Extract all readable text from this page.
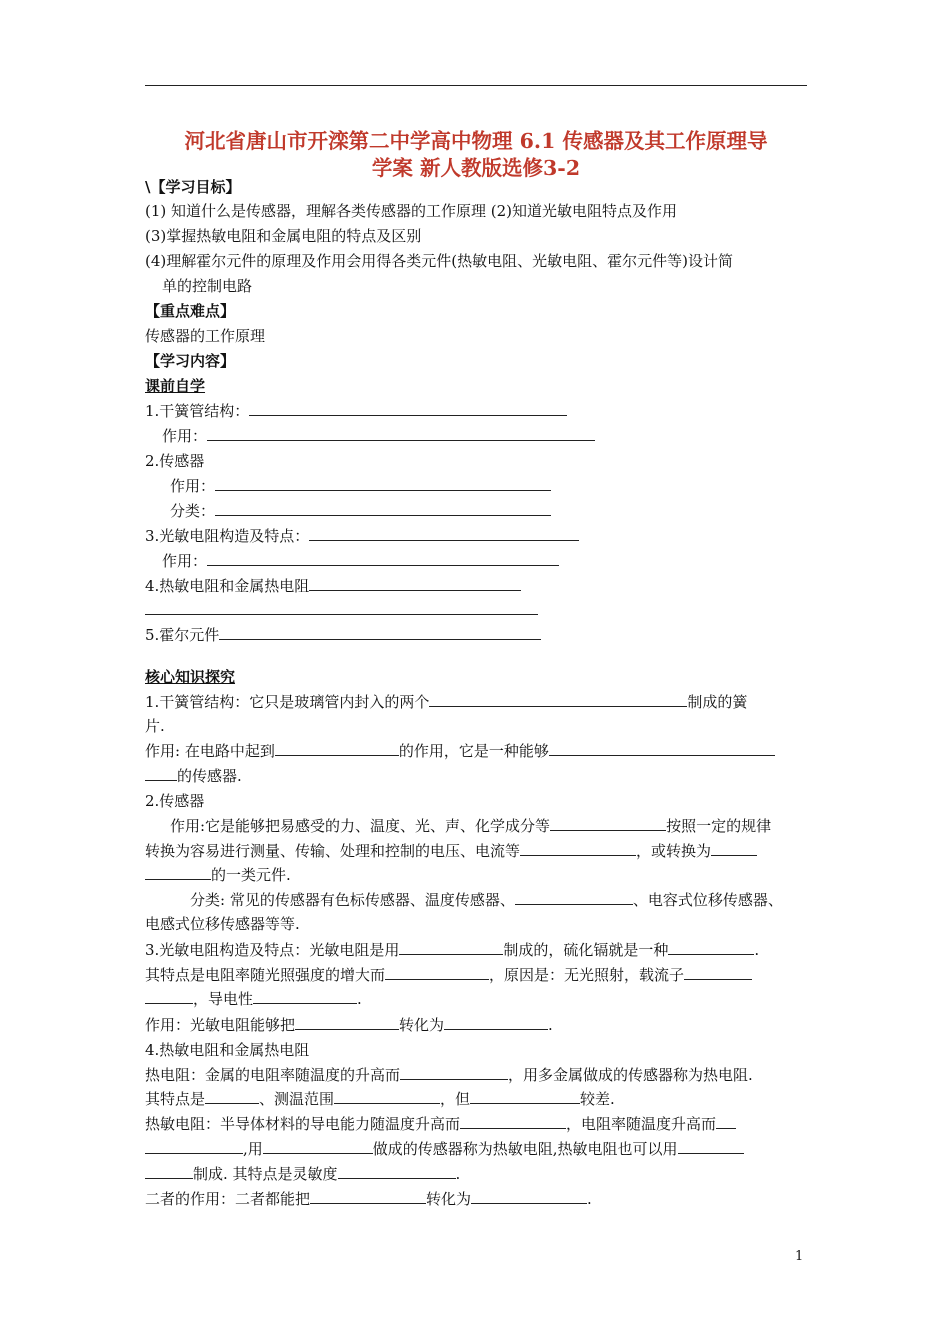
河北省唐山市开滦第二中学高中物理 6.1 传感器及其工作原理导
学案 新人教版选修3-2
\【学习目标】
(1) 知道什么是传感器，理解各类传感器的工作原理 (2)知道光敏电阻特点及作用
(3)掌握热敏电阻和金属电阻的特点及区别
(4)理解霍尔元件的原理及作用会用得各类元件(热敏电阻、光敏电阻、霍尔元件等)设计简
单的控制电路
【重点难点】
传感器的工作原理
【学习内容】
课前自学
1.干簧管结构：
作用：
2.传感器
作用：
分类：
3.光敏电阻构造及特点：
作用：
4.热敏电阻和金属热电阻
5.霍尔元件
核心知识探究
1.干簧管结构：它只是玻璃管内封入的两个	制成的簧
片.
作用: 在电路中起到	的作用，它是一种能够
的传感器.
2.传感器
作用:它是能够把易感受的力、温度、光、声、化学成分等	按照一定的规律
转换为容易进行测量、传输、处理和控制的电压、电流等	，或转换为
的一类元件.
分类: 常见的传感器有色标传感器、温度传感器、	、电容式位移传感器、
电感式位移传感器等等.
3.光敏电阻构造及特点：光敏电阻是用	制成的，硫化镉就是一种	.
其特点是电阻率随光照强度的增大而	，原因是：无光照射，载流子
，导电性	.
作用：光敏电阻能够把	转化为	.
4.热敏电阻和金属热电阻
热电阻：金属的电阻率随温度的升高而	，用多金属做成的传感器称为热电阻.
其特点是	、测温范围	，但	较差.
热敏电阻：半导体材料的导电能力随温度升高而	，电阻率随温度升高而
,用	做成的传感器称为热敏电阻,热敏电阻也可以用
制成. 其特点是灵敏度	.
二者的作用：二者都能把	转化为	.
1
